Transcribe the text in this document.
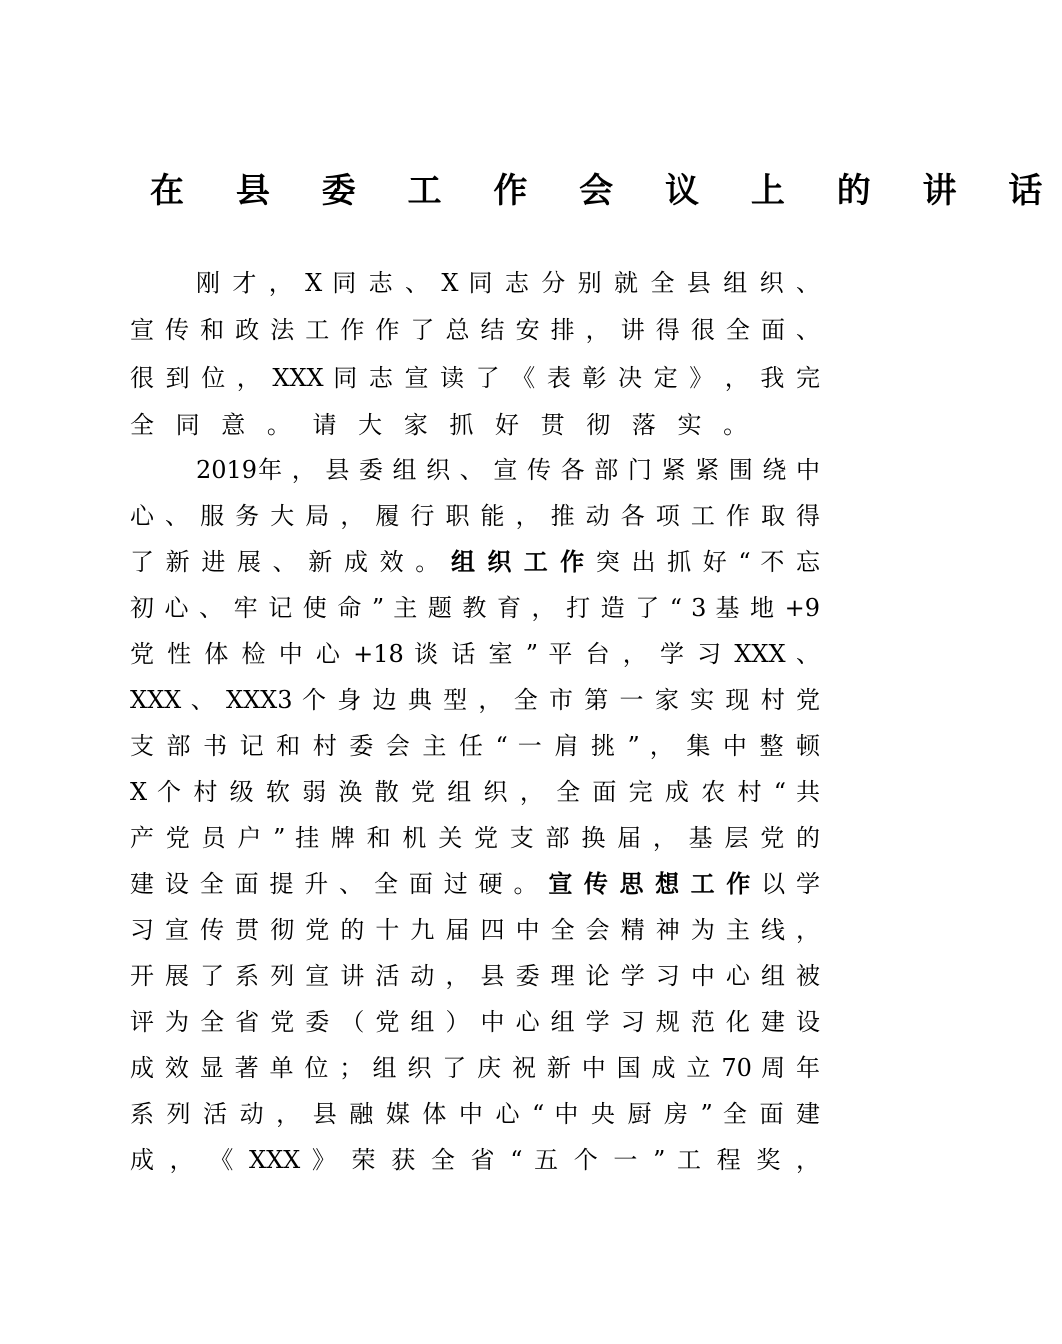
在 县 委 工 作 会 议 上 的 讲 话
刚 才 ， X 同 志 、 X 同 志 分 别 就 全 县 组 织 、
宣 传 和 政 法 工 作 作 了 总 结 安 排 ， 讲 得 很 全 面 、
很 到 位 ， XXX 同 志 宣 读 了 《 表 彰 决 定 》 ， 我 完
全 同 意 。 请 大 家 抓 好 贯 彻 落 实 。
2019年 ， 县 委 组 织 、 宣 传 各 部 门 紧 紧 围 绕 中
心 、 服 务 大 局 ， 履 行 职 能 ， 推 动 各 项 工 作 取 得
了 新 进 展 、 新 成 效 。 组 织 工 作 突 出 抓 好 “ 不 忘
初 心 、 牢 记 使 命 ” 主 题 教 育 ， 打 造 了 “ 3 基 地 +9
党 性 体 检 中 心 +18 谈 话 室 ” 平 台 ， 学 习 XXX 、
XXX 、 XXX3 个 身 边 典 型 ， 全 市 第 一 家 实 现 村 党
支 部 书 记 和 村 委 会 主 任 “ 一 肩 挑 ” ， 集 中 整 顿
X 个 村 级 软 弱 涣 散 党 组 织 ， 全 面 完 成 农 村 “ 共
产 党 员 户 ” 挂 牌 和 机 关 党 支 部 换 届 ， 基 层 党 的
建 设 全 面 提 升 、 全 面 过 硬 。 宣 传 思 想 工 作 以 学
习 宣 传 贯 彻 党 的 十 九 届 四 中 全 会 精 神 为 主 线 ，
开 展 了 系 列 宣 讲 活 动 ， 县 委 理 论 学 习 中 心 组 被
评 为 全 省 党 委 （ 党 组 ） 中 心 组 学 习 规 范 化 建 设
成 效 显 著 单 位 ； 组 织 了 庆 祝 新 中 国 成 立 70 周 年
系 列 活 动 ， 县 融 媒 体 中 心 “ 中 央 厨 房 ” 全 面 建
成 ， 《 XXX 》 荣 获 全 省 “ 五 个 一 ” 工 程 奖 ，
